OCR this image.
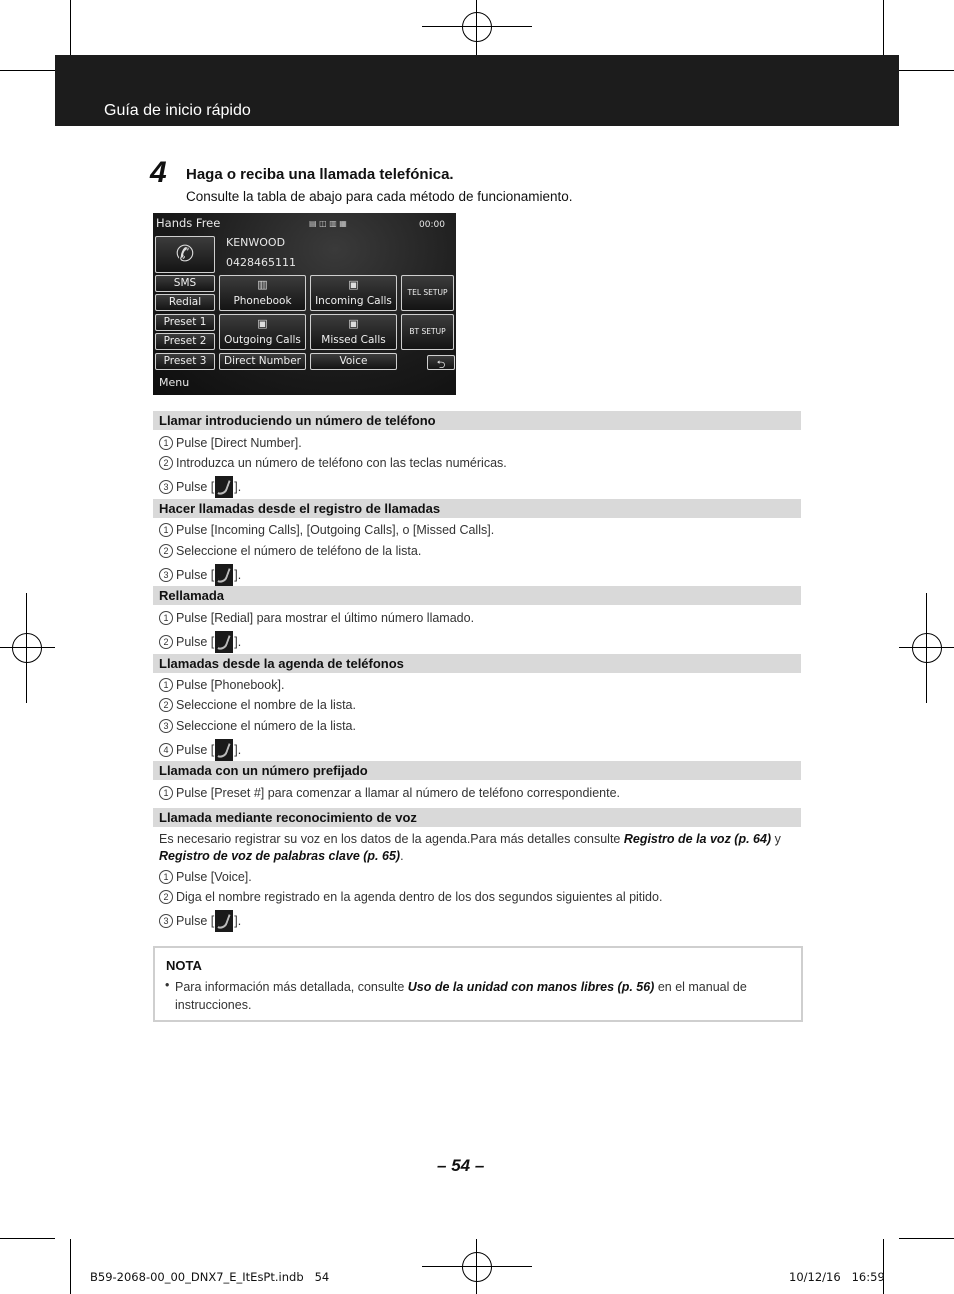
Guía de inicio rápido
4 Haga o reciba una llamada telefónica.
Consulte la tabla de abajo para cada método de funcionamiento.
Hands Free	▤ ◫ ▥ ▦	00:00
✆	KENWOOD
0428465111
SMS
Redial
Preset 1
Preset 2
Preset 3
▥
Phonebook
▣
Incoming Calls
▣
Outgoing Calls
▣
Missed Calls
Direct Number	Voice
TEL SETUP
BT SETUP
⮌
Menu
Llamar introduciendo un número de teléfono
1 Pulse [Direct Number].
2 Introduzca un número de teléfono con las teclas numéricas.
3 Pulse [ ].
Hacer llamadas desde el registro de llamadas
1 Pulse [Incoming Calls], [Outgoing Calls], o [Missed Calls].
2 Seleccione el número de teléfono de la lista.
3 Pulse [ ].
Rellamada
1 Pulse [Redial] para mostrar el último número llamado.
2 Pulse [ ].
Llamadas desde la agenda de teléfonos
1 Pulse [Phonebook].
2 Seleccione el nombre de la lista.
3 Seleccione el número de la lista.
4 Pulse [ ].
Llamada con un número prefijado
1 Pulse [Preset #] para comenzar a llamar al número de teléfono correspondiente.
Llamada mediante reconocimiento de voz
Es necesario registrar su voz en los datos de la agenda.Para más detalles consulte Registro de la voz (p. 64) y
Registro de voz de palabras clave (p. 65).
1 Pulse [Voice].
2 Diga el nombre registrado en la agenda dentro de los dos segundos siguientes al pitido.
3 Pulse [ ].
NOTA
• Para información más detallada, consulte Uso de la unidad con manos libres (p. 56) en el manual de instrucciones.
– 54 –
B59-2068-00_00_DNX7_E_ItEsPt.indb   54	10/12/16   16:59
